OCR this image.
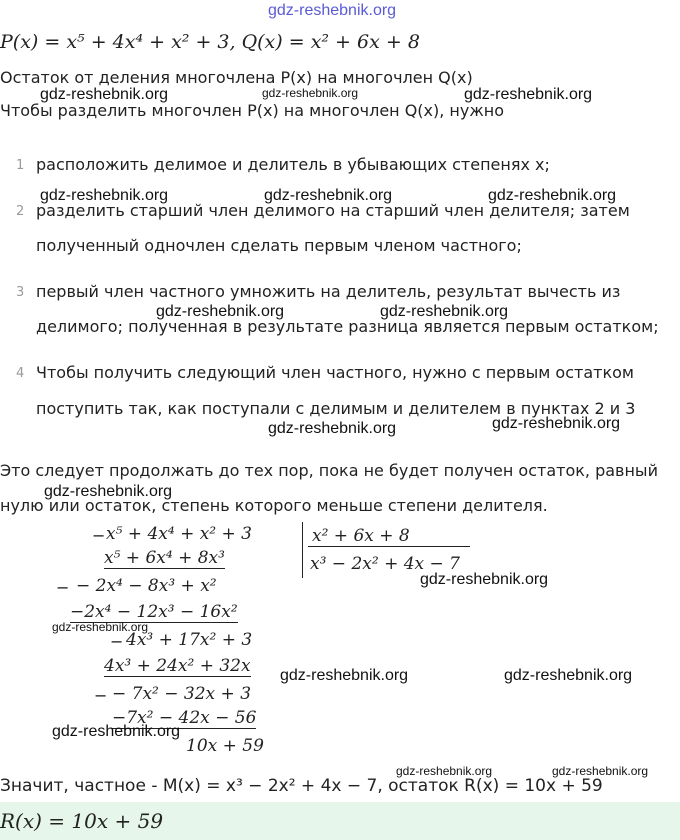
gdz-reshebnik.org
P(x) = x⁵ + 4x⁴ + x² + 3, Q(x) = x² + 6x + 8
Остаток от деления многочлена P(x) на многочлен Q(x)
Чтобы разделить многочлен P(x) на многочлен Q(x), нужно
1 расположить делимое и делитель в убывающих степенях x;
2 разделить старший член делимого на старший член делителя; затем
полученный одночлен сделать первым членом частного;
3 первый член частного умножить на делитель, результат вычесть из
делимого; полученная в результате разница является первым остатком;
4 Чтобы получить следующий член частного, нужно с первым остатком
поступить так, как поступали с делимым и делителем в пунктах 2 и 3
Это следует продолжать до тех пор, пока не будет получен остаток, равный
нулю или остаток, степень которого меньше степени делителя.
− x⁵ + 4x⁴ + x² + 3
x⁵ + 6x⁴ + 8x³
− − 2x⁴ − 8x³ + x²
−2x⁴ − 12x³ − 16x²
− 4x³ + 17x² + 3
4x³ + 24x² + 32x
− − 7x² − 32x + 3
−7x² − 42x − 56
10x + 59
x² + 6x + 8
x³ − 2x² + 4x − 7
Значит, частное - M(x) = x³ − 2x² + 4x − 7, остаток R(x) = 10x + 59
R(x) = 10x + 59
gdz-reshebnik.org	gdz-reshebnik.org	gdz-reshebnik.org
gdz-reshebnik.org	gdz-reshebnik.org	gdz-reshebnik.org
gdz-reshebnik.org	gdz-reshebnik.org
gdz-reshebnik.org	gdz-reshebnik.org
gdz-reshebnik.org
gdz-reshebnik.org
gdz-reshebnik.org
gdz-reshebnik.org	gdz-reshebnik.org
gdz-reshebnik.org
gdz-reshebnik.org	gdz-reshebnik.org
